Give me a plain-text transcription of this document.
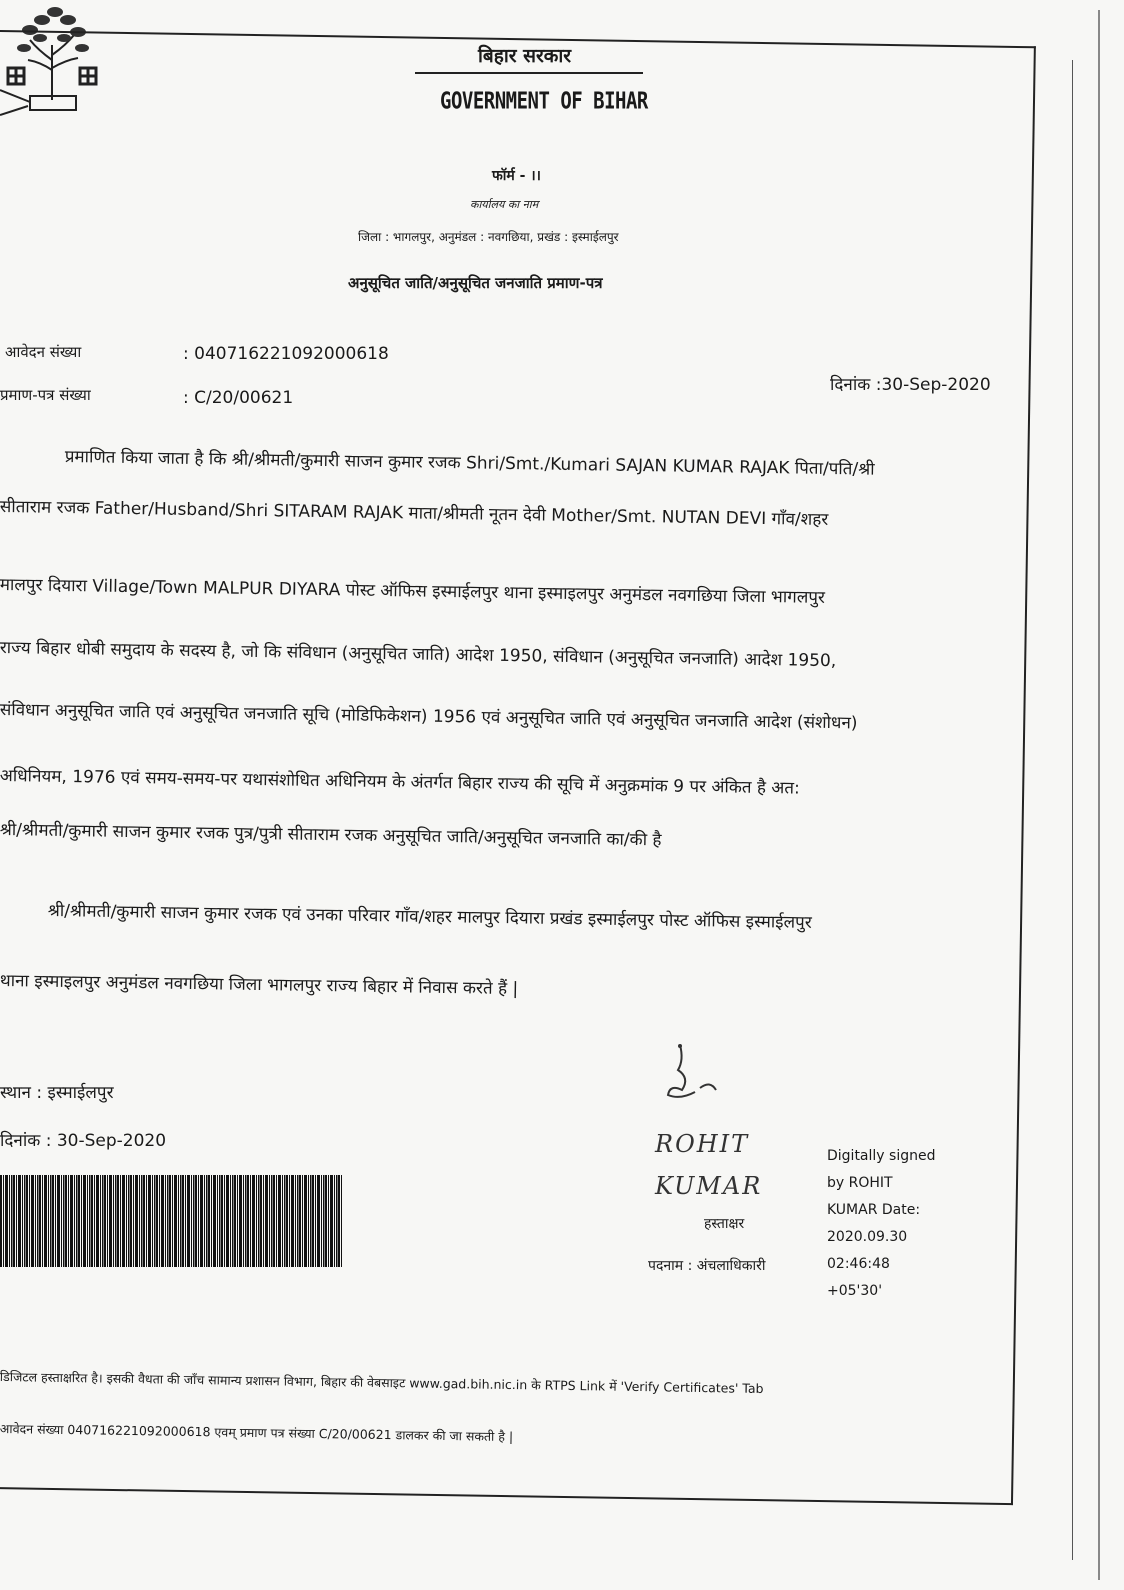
बिहार सरकार
GOVERNMENT OF BIHAR
फॉर्म - ।।
कार्यालय का नाम
जिला : भागलपुर, अनुमंडल : नवगछिया, प्रखंड : इस्माईलपुर
अनुसूचित जाति/अनुसूचित जनजाति प्रमाण-पत्र
आवेदन संख्या	: 040716221092000618
प्रमाण-पत्र संख्या	: C/20/00621
दिनांक :30-Sep-2020
प्रमाणित किया जाता है कि श्री/श्रीमती/कुमारी साजन कुमार रजक Shri/Smt./Kumari SAJAN KUMAR RAJAK पिता/पति/श्री
सीताराम रजक Father/Husband/Shri SITARAM RAJAK माता/श्रीमती नूतन देवी Mother/Smt. NUTAN DEVI गाँव/शहर
मालपुर दियारा Village/Town MALPUR DIYARA पोस्ट ऑफिस इस्माईलपुर थाना इस्माइलपुर अनुमंडल नवगछिया जिला भागलपुर
राज्य बिहार धोबी समुदाय के सदस्य है, जो कि संविधान (अनुसूचित जाति) आदेश 1950, संविधान (अनुसूचित जनजाति) आदेश 1950,
संविधान अनुसूचित जाति एवं अनुसूचित जनजाति सूचि (मोडिफिकेशन) 1956 एवं अनुसूचित जाति एवं अनुसूचित जनजाति आदेश (संशोधन)
अधिनियम, 1976 एवं समय-समय-पर यथासंशोधित अधिनियम के अंतर्गत बिहार राज्य की सूचि में अनुक्रमांक 9 पर अंकित है अत:
श्री/श्रीमती/कुमारी साजन कुमार रजक पुत्र/पुत्री सीताराम रजक अनुसूचित जाति/अनुसूचित जनजाति का/की है
श्री/श्रीमती/कुमारी साजन कुमार रजक एवं उनका परिवार गाँव/शहर मालपुर दियारा प्रखंड इस्माईलपुर पोस्ट ऑफिस इस्माईलपुर
थाना इस्माइलपुर अनुमंडल नवगछिया जिला भागलपुर राज्य बिहार में निवास करते हैं |
स्थान : इस्माईलपुर
दिनांक : 30-Sep-2020	ROHIT
KUMAR
हस्ताक्षर
पदनाम : अंचलाधिकारी
Digitally signed by ROHIT KUMAR Date: 2020.09.30 02:46:48 +05'30'
डिजिटल हस्ताक्षरित है। इसकी वैधता की जाँच सामान्य प्रशासन विभाग, बिहार की वेबसाइट www.gad.bih.nic.in के RTPS Link में 'Verify Certificates' Tab
आवेदन संख्या 040716221092000618 एवम् प्रमाण पत्र संख्या C/20/00621 डालकर की जा सकती है |
